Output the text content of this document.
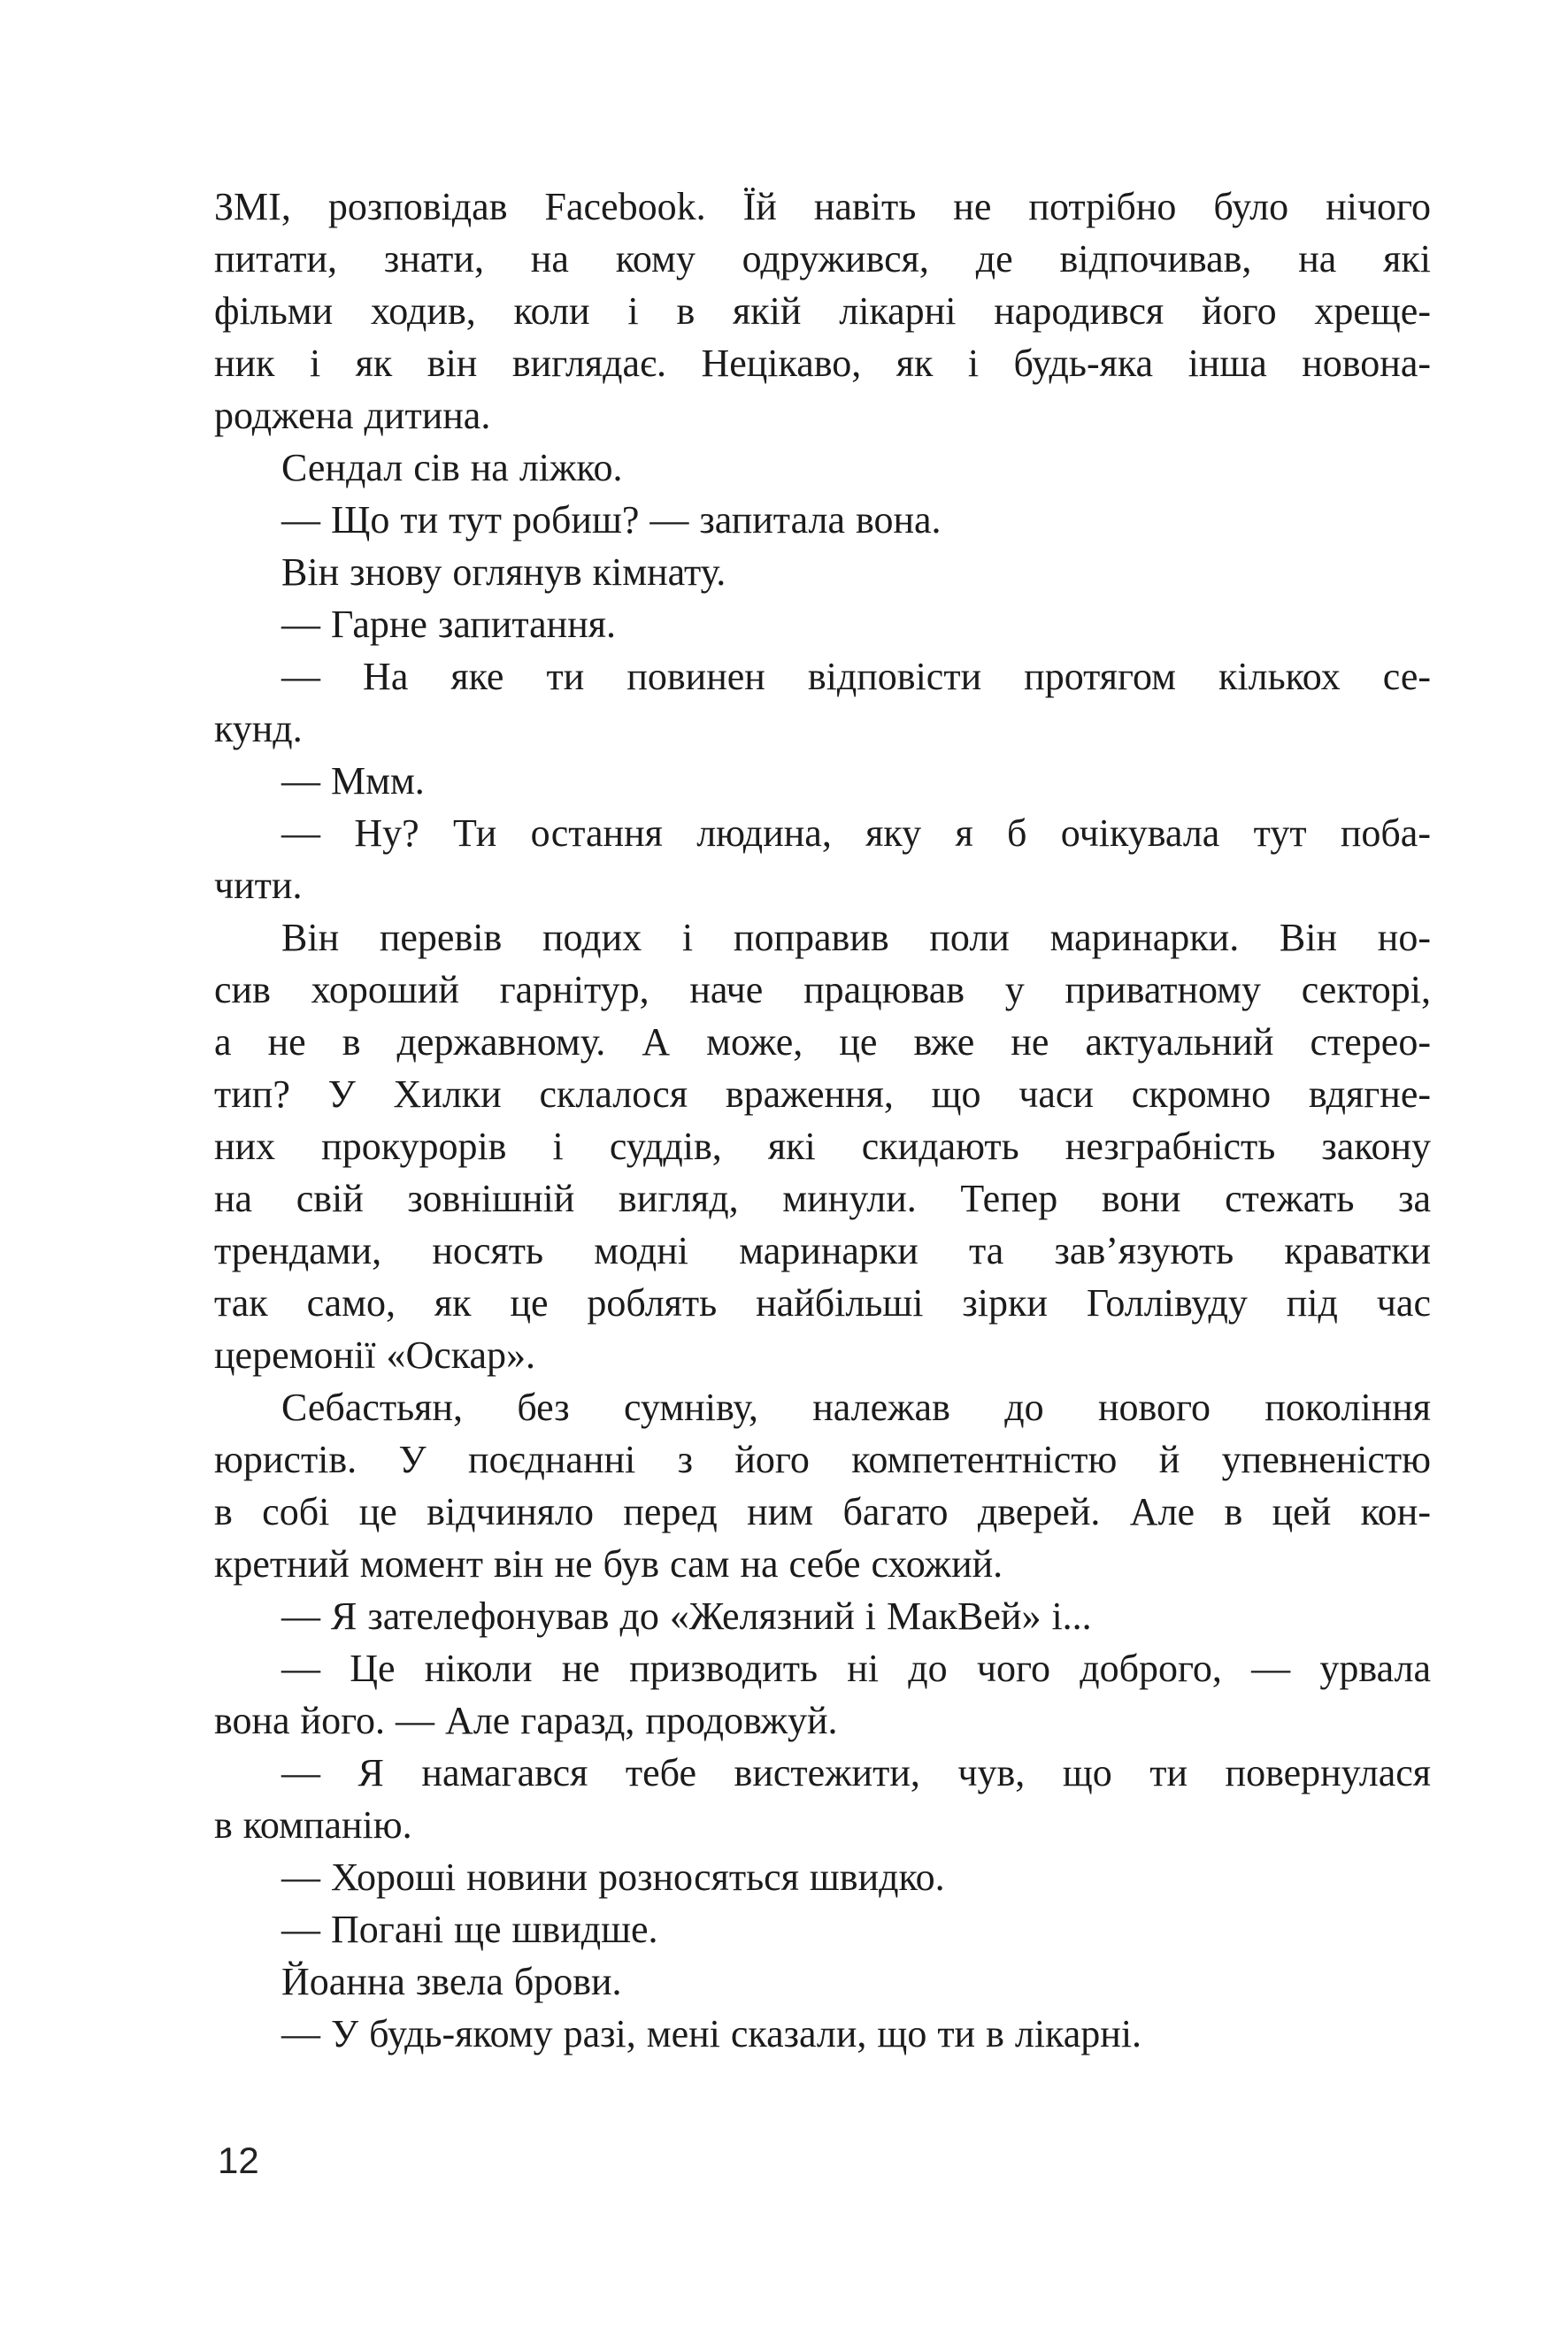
ЗМІ, розповідав Facebook. Їй навіть не потрібно було нічого

питати, знати, на кому одружився, де відпочивав, на які

фільми ходив, коли і в якій лікарні народився його хреще-

ник і як він виглядає. Нецікаво, як і будь-яка інша новона-

роджена дитина.

Сендал сів на ліжко.

— Що ти тут робиш? — запитала вона.

Він знову оглянув кімнату.

— Гарне запитання.

— На яке ти повинен відповісти протягом кількох се-

кунд.

— Ммм.

— Ну? Ти остання людина, яку я б очікувала тут поба-

чити.

Він перевів подих і поправив поли маринарки. Він но-

сив хороший гарнітур, наче працював у приватному секторі,

а не в державному. А може, це вже не актуальний стерео-

тип? У Хилки склалося враження, що часи скромно вдягне-

них прокурорів і суддів, які скидають незграбність закону

на свій зовнішній вигляд, минули. Тепер вони стежать за

трендами, носять модні маринарки та зав’язують краватки

так само, як це роблять найбільші зірки Голлівуду під час

церемонії «Оскар».

Себастьян, без сумніву, належав до нового покоління

юристів. У поєднанні з його компетентністю й упевненістю

в собі це відчиняло перед ним багато дверей. Але в цей кон-

кретний момент він не був сам на себе схожий.

— Я зателефонував до «Желязний і МакВей» і...

— Це ніколи не призводить ні до чого доброго, — урвала

вона його. — Але гаразд, продовжуй.

— Я намагався тебе вистежити, чув, що ти повернулася

в компанію.

— Хороші новини розносяться швидко.

— Погані ще швидше.

Йоанна звела брови.

— У будь-якому разі, мені сказали, що ти в лікарні.

12
